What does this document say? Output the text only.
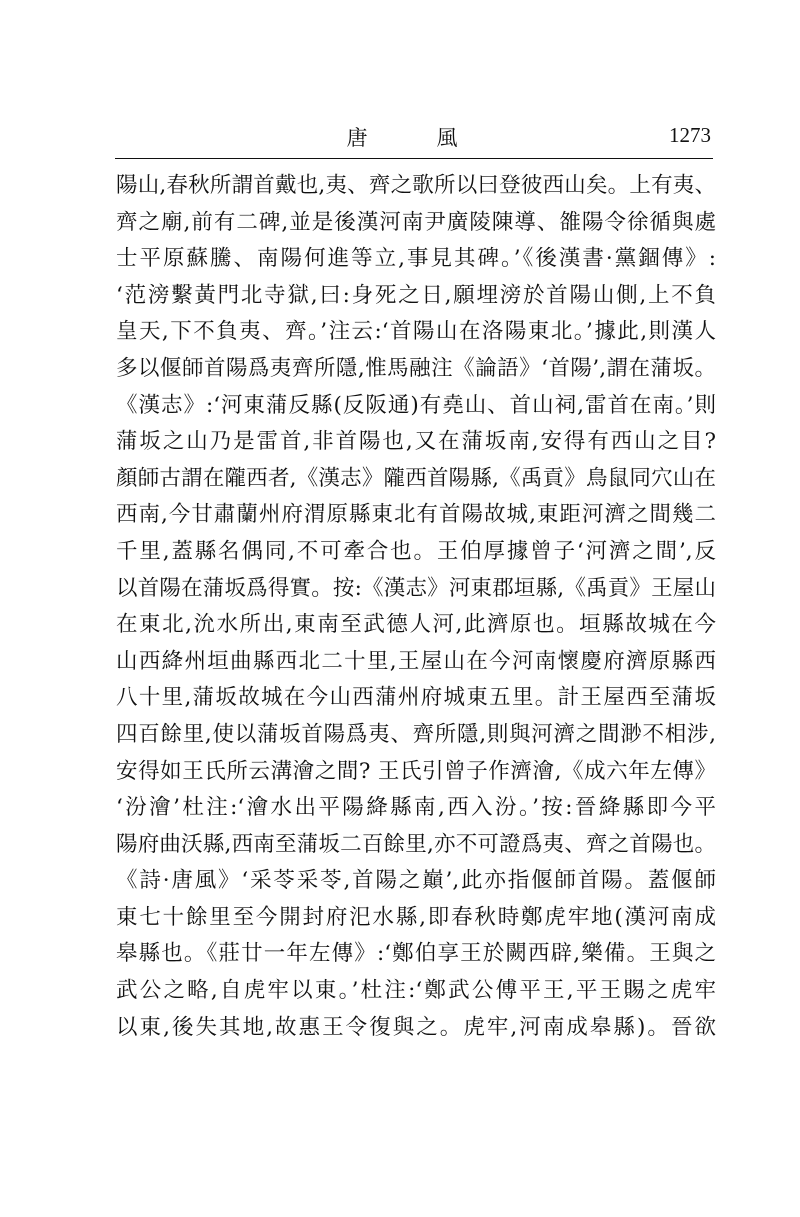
唐　風	1273
陽山,春秋所謂首戴也,夷、齊之歌所以曰登彼西山矣。上有夷、
齊之廟,前有二碑,並是後漢河南尹廣陵陳導、雒陽令徐循與處
士平原蘇騰、南陽何進等立,事見其碑。’《後漢書·黨錮傳》:
‘范滂繫黃門北寺獄,曰:身死之日,願埋滂於首陽山側,上不負
皇天,下不負夷、齊。’注云:‘首陽山在洛陽東北。’據此,則漢人
多以偃師首陽爲夷齊所隱,惟馬融注《論語》‘首陽’,謂在蒲坂。
《漢志》:‘河東蒲反縣(反阪通)有堯山、首山祠,雷首在南。’則
蒲坂之山乃是雷首,非首陽也,又在蒲坂南,安得有西山之目?
顏師古謂在隴西者,《漢志》隴西首陽縣,《禹貢》鳥鼠同穴山在
西南,今甘肅蘭州府渭原縣東北有首陽故城,東距河濟之間幾二
千里,蓋縣名偶同,不可牽合也。王伯厚據曾子‘河濟之間’,反
以首陽在蒲坂爲得實。按:《漢志》河東郡垣縣,《禹貢》王屋山
在東北,沇水所出,東南至武德人河,此濟原也。垣縣故城在今
山西絳州垣曲縣西北二十里,王屋山在今河南懷慶府濟原縣西
八十里,蒲坂故城在今山西蒲州府城東五里。計王屋西至蒲坂
四百餘里,使以蒲坂首陽爲夷、齊所隱,則與河濟之間渺不相涉,
安得如王氏所云溝澮之間? 王氏引曾子作濟澮,《成六年左傳》
‘汾澮’杜注:‘澮水出平陽絳縣南,西入汾。’按:晉絳縣即今平
陽府曲沃縣,西南至蒲坂二百餘里,亦不可證爲夷、齊之首陽也。
《詩·唐風》‘采苓采苓,首陽之巔’,此亦指偃師首陽。蓋偃師
東七十餘里至今開封府汜水縣,即春秋時鄭虎牢地(漢河南成
皋縣也。《莊廿一年左傳》:‘鄭伯享王於闕西辟,樂備。王與之
武公之略,自虎牢以東。’杜注:‘鄭武公傅平王,平王賜之虎牢
以東,後失其地,故惠王令復與之。虎牢,河南成皋縣)。晉欲
